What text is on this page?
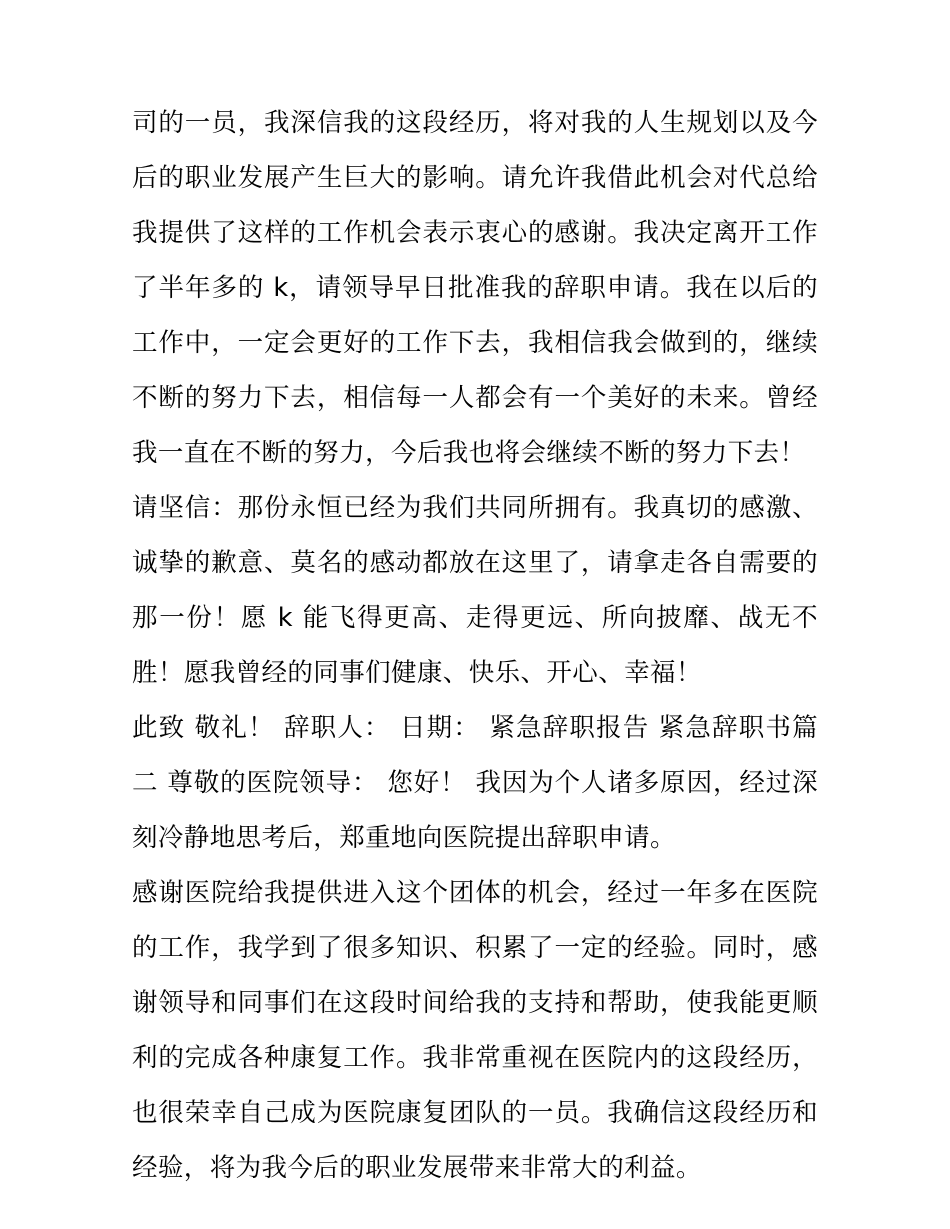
司的一员，我深信我的这段经历，将对我的人生规划以及今后的职业发展产生巨大的影响。请允许我借此机会对代总给我提供了这样的工作机会表示衷心的感谢。我决定离开工作了半年多的 k，请领导早日批准我的辞职申请。我在以后的工作中，一定会更好的工作下去，我相信我会做到的，继续不断的努力下去，相信每一人都会有一个美好的未来。曾经我一直在不断的努力，今后我也将会继续不断的努力下去！

请坚信：那份永恒已经为我们共同所拥有。我真切的感激、诚挚的歉意、莫名的感动都放在这里了，请拿走各自需要的那一份！愿 k 能飞得更高、走得更远、所向披靡、战无不胜！愿我曾经的同事们健康、快乐、开心、幸福！

此致 敬礼！ 辞职人： 日期： 紧急辞职报告 紧急辞职书篇二 尊敬的医院领导： 您好！ 我因为个人诸多原因，经过深刻冷静地思考后，郑重地向医院提出辞职申请。

感谢医院给我提供进入这个团体的机会，经过一年多在医院的工作，我学到了很多知识、积累了一定的经验。同时，感谢领导和同事们在这段时间给我的支持和帮助，使我能更顺利的完成各种康复工作。我非常重视在医院内的这段经历，也很荣幸自己成为医院康复团队的一员。我确信这段经历和经验，将为我今后的职业发展带来非常大的利益。
